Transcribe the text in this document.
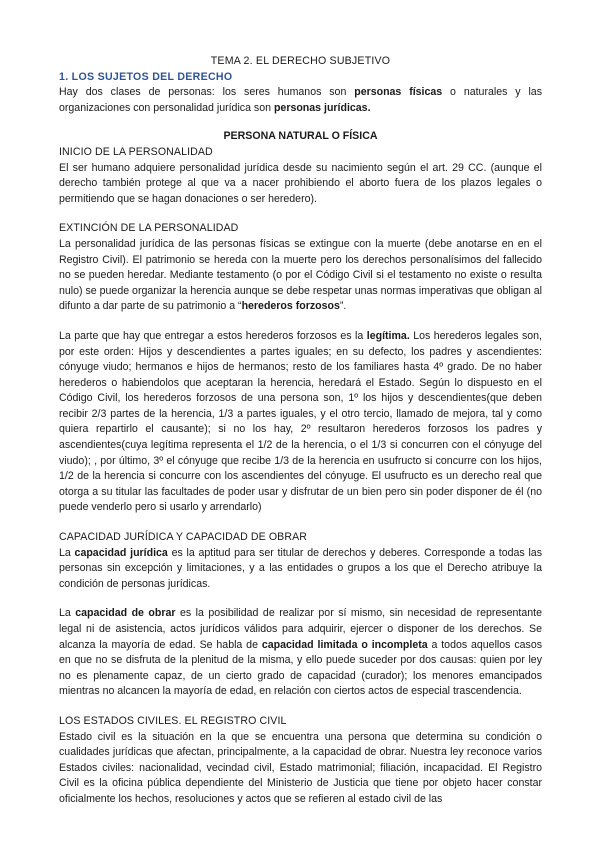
TEMA 2. EL DERECHO SUBJETIVO
1. LOS SUJETOS DEL DERECHO

Hay dos clases de personas: los seres humanos son personas físicas o naturales y las organizaciones con personalidad jurídica son personas jurídicas.

PERSONA NATURAL O FÍSICA
INICIO DE LA PERSONALIDAD

El ser humano adquiere personalidad jurídica desde su nacimiento según el art. 29 CC. (aunque el derecho también protege al que va a nacer prohibiendo el aborto fuera de los plazos legales o permitiendo que se hagan donaciones o ser heredero).

EXTINCIÓN DE LA PERSONALIDAD

La personalidad jurídica de las personas físicas se extingue con la muerte (debe anotarse en en el Registro Civil). El patrimonio se hereda con la muerte pero los derechos personalísimos del fallecido no se pueden heredar. Mediante testamento (o por el Código Civil si el testamento no existe o resulta nulo) se puede organizar la herencia aunque se debe respetar unas normas imperativas que obligan al difunto a dar parte de su patrimonio a “herederos forzosos”.

La parte que hay que entregar a estos herederos forzosos es la legítima. Los herederos legales son, por este orden: Hijos y descendientes a partes iguales; en su defecto, los padres y ascendientes: cónyuge viudo; hermanos e hijos de hermanos; resto de los familiares hasta 4º grado. De no haber herederos o habiendolos que aceptaran la herencia, heredará el Estado. Según lo dispuesto en el Código Civil, los herederos forzosos de una persona son, 1º los hijos y descendientes(que deben recibir 2/3 partes de la herencia, 1/3 a partes iguales, y el otro tercio, llamado de mejora, tal y como quiera repartirlo el causante); si no los hay, 2º resultaron herederos forzosos los padres y ascendientes(cuya legítima representa el 1/2 de la herencia, o el 1/3 si concurren con el cónyuge del viudo); , por último, 3º el cónyuge que recibe 1/3 de la herencia en usufructo si concurre con los hijos, 1/2 de la herencia si concurre con los ascendientes del cónyuge. El usufructo es un derecho real que otorga a su titular las facultades de poder usar y disfrutar de un bien pero sin poder disponer de él (no puede venderlo pero si usarlo y arrendarlo)

CAPACIDAD JURÍDICA Y CAPACIDAD DE OBRAR

La capacidad jurídica es la aptitud para ser titular de derechos y deberes. Corresponde a todas las personas sin excepción y limitaciones, y a las entidades o grupos a los que el Derecho atribuye la condición de personas jurídicas.

La capacidad de obrar es la posibilidad de realizar por sí mismo, sin necesidad de representante legal ni de asistencia, actos jurídicos válidos para adquirir, ejercer o disponer de los derechos. Se alcanza la mayoría de edad. Se habla de capacidad limitada o incompleta a todos aquellos casos en que no se disfruta de la plenitud de la misma, y ello puede suceder por dos causas: quien por ley no es plenamente capaz, de un cierto grado de capacidad (curador); los menores emancipados mientras no alcancen la mayoría de edad, en relación con ciertos actos de especial trascendencia.

LOS ESTADOS CIVILES. EL REGISTRO CIVIL

Estado civil es la situación en la que se encuentra una persona que determina su condición o cualidades jurídicas que afectan, principalmente, a la capacidad de obrar. Nuestra ley reconoce varios Estados civiles: nacionalidad, vecindad civil, Estado matrimonial; filiación, incapacidad. El Registro Civil es la oficina pública dependiente del Ministerio de Justicia que tiene por objeto hacer constar oficialmente los hechos, resoluciones y actos que se refieren al estado civil de las
